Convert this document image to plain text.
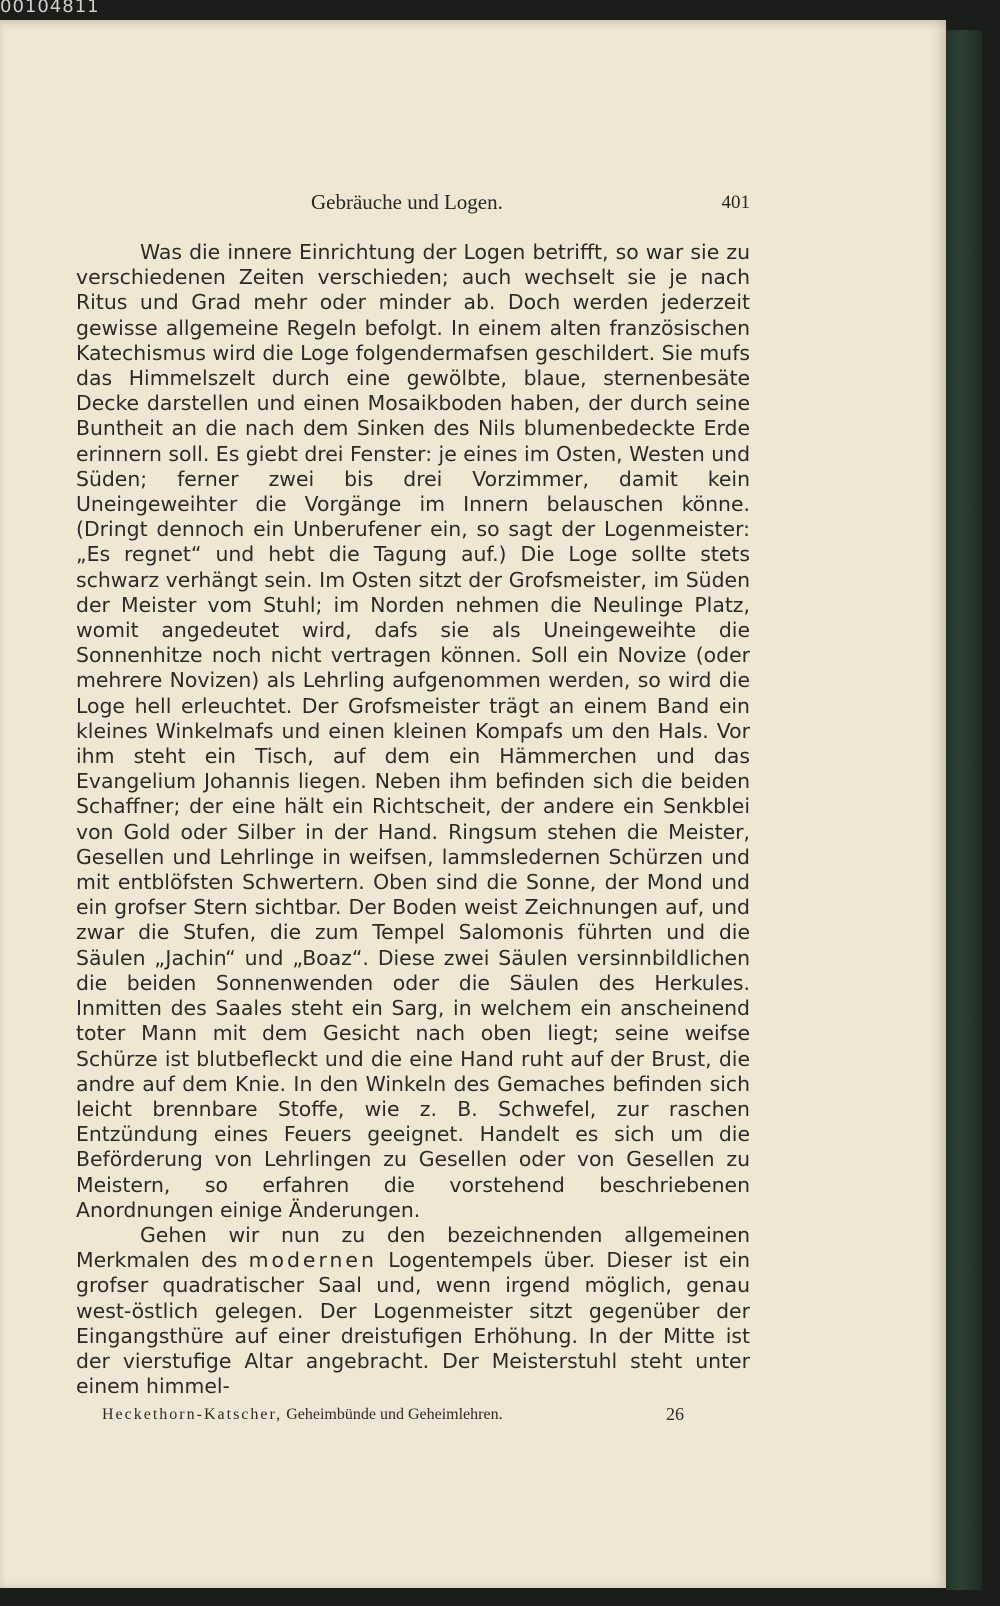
00104811
Gebräuche und Logen.	401

Was die innere Einrichtung der Logen betrifft, so war sie zu verschiedenen Zeiten verschieden; auch wechselt sie je nach Ritus und Grad mehr oder minder ab. Doch werden jederzeit gewisse allgemeine Regeln befolgt. In einem alten französischen Katechismus wird die Loge folgendermafsen geschildert. Sie mufs das Himmelszelt durch eine gewölbte, blaue, sternenbesäte Decke darstellen und einen Mosaikboden haben, der durch seine Buntheit an die nach dem Sinken des Nils blumenbedeckte Erde erinnern soll. Es giebt drei Fenster: je eines im Osten, Westen und Süden; ferner zwei bis drei Vorzimmer, damit kein Uneingeweihter die Vorgänge im Innern belauschen könne. (Dringt dennoch ein Unberufener ein, so sagt der Logenmeister: „Es regnet“ und hebt die Tagung auf.) Die Loge sollte stets schwarz verhängt sein. Im Osten sitzt der Grofsmeister, im Süden der Meister vom Stuhl; im Norden nehmen die Neulinge Platz, womit angedeutet wird, dafs sie als Uneingeweihte die Sonnenhitze noch nicht vertragen können. Soll ein Novize (oder mehrere Novizen) als Lehrling aufgenommen werden, so wird die Loge hell erleuchtet. Der Grofsmeister trägt an einem Band ein kleines Winkelmafs und einen kleinen Kompafs um den Hals. Vor ihm steht ein Tisch, auf dem ein Hämmerchen und das Evangelium Johannis liegen. Neben ihm befinden sich die beiden Schaffner; der eine hält ein Richtscheit, der andere ein Senkblei von Gold oder Silber in der Hand. Ringsum stehen die Meister, Gesellen und Lehrlinge in weifsen, lammsledernen Schürzen und mit entblöfsten Schwertern. Oben sind die Sonne, der Mond und ein grofser Stern sichtbar. Der Boden weist Zeichnungen auf, und zwar die Stufen, die zum Tempel Salomonis führten und die Säulen „Jachin“ und „Boaz“. Diese zwei Säulen versinnbildlichen die beiden Sonnenwenden oder die Säulen des Herkules. Inmitten des Saales steht ein Sarg, in welchem ein anscheinend toter Mann mit dem Gesicht nach oben liegt; seine weifse Schürze ist blutbefleckt und die eine Hand ruht auf der Brust, die andre auf dem Knie. In den Winkeln des Gemaches befinden sich leicht brennbare Stoffe, wie z. B. Schwefel, zur raschen Entzündung eines Feuers geeignet. Handelt es sich um die Beförderung von Lehrlingen zu Gesellen oder von Gesellen zu Meistern, so erfahren die vorstehend beschriebenen Anordnungen einige Änderungen.

Gehen wir nun zu den bezeichnenden allgemeinen Merkmalen des modernen Logentempels über. Dieser ist ein grofser quadratischer Saal und, wenn irgend möglich, genau west-östlich gelegen. Der Logenmeister sitzt gegenüber der Eingangsthüre auf einer dreistufigen Erhöhung. In der Mitte ist der vierstufige Altar angebracht. Der Meisterstuhl steht unter einem himmel-

Heckethorn-Katscher, Geheimbünde und Geheimlehren.	26
